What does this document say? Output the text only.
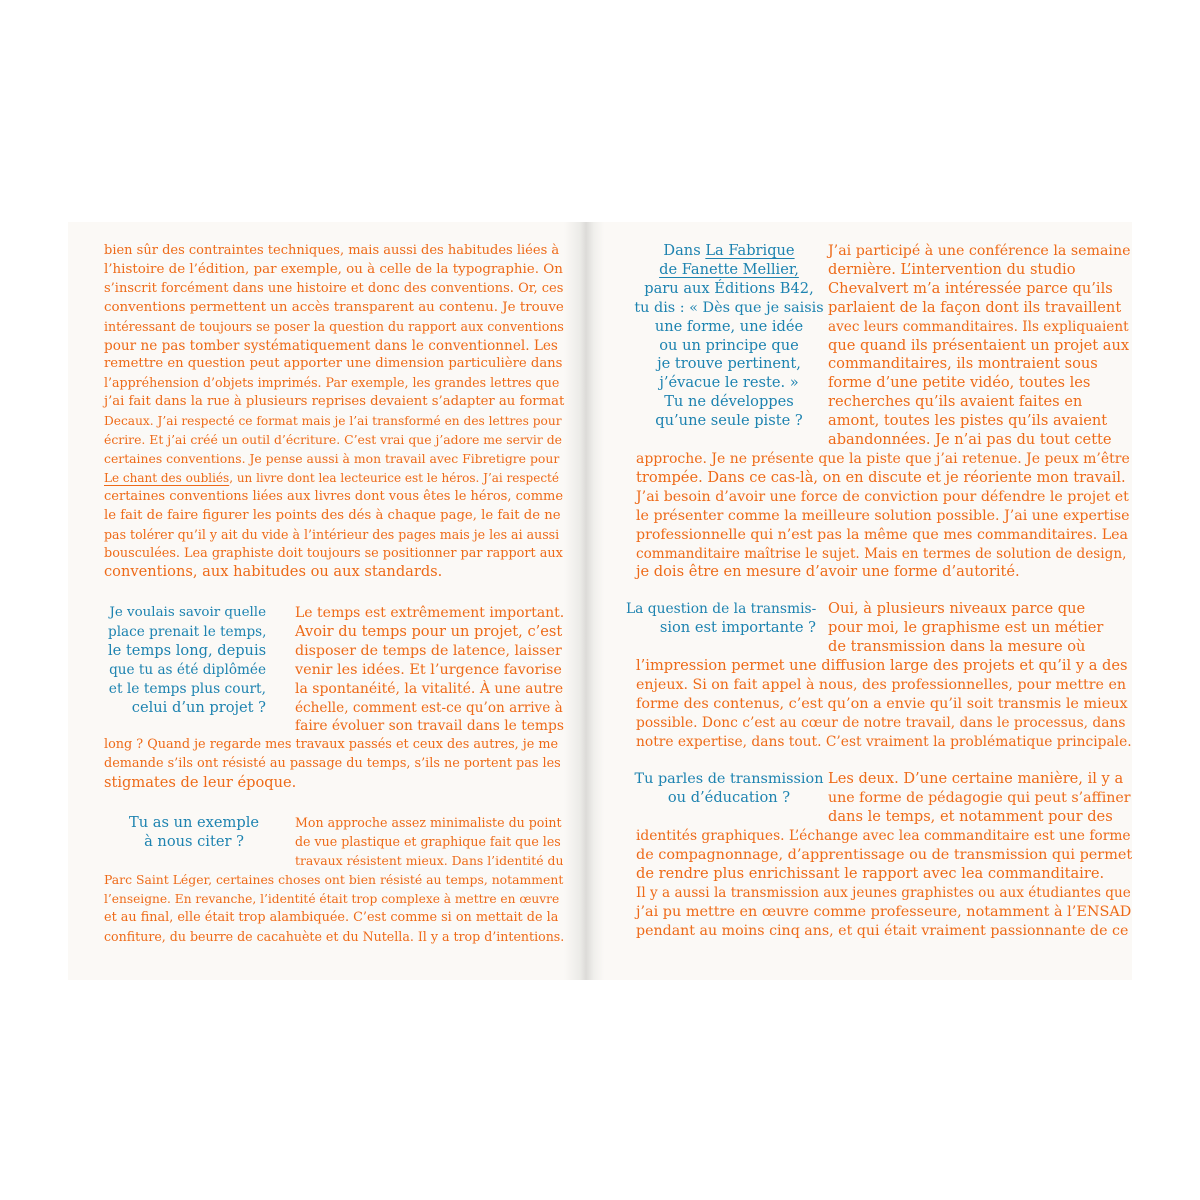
bien sûr des contraintes techniques, mais aussi des habitudes liées à
l’histoire de l’édition, par exemple, ou à celle de la typographie. On
s’inscrit forcément dans une histoire et donc des conventions. Or, ces
conventions permettent un accès transparent au contenu. Je trouve
intéressant de toujours se poser la question du rapport aux conventions
pour ne pas tomber systématiquement dans le conventionnel. Les
remettre en question peut apporter une dimension particulière dans
l’appréhension d’objets imprimés. Par exemple, les grandes lettres que
j’ai fait dans la rue à plusieurs reprises devaient s’adapter au format
Decaux. J’ai respecté ce format mais je l’ai transformé en des lettres pour
écrire. Et j’ai créé un outil d’écriture. C’est vrai que j’adore me servir de
certaines conventions. Je pense aussi à mon travail avec Fibretigre pour
Le chant des oubliés, un livre dont lea lecteurice est le héros. J’ai respecté
certaines conventions liées aux livres dont vous êtes le héros, comme
le fait de faire figurer les points des dés à chaque page, le fait de ne
pas tolérer qu’il y ait du vide à l’intérieur des pages mais je les ai aussi
bousculées. Lea graphiste doit toujours se positionner par rapport aux
conventions, aux habitudes ou aux standards.
Je voulais savoir quelle
place prenait le temps,
le temps long, depuis
que tu as été diplômée
et le temps plus court,
celui d’un projet ?
Le temps est extrêmement important.
Avoir du temps pour un projet, c’est
disposer de temps de latence, laisser
venir les idées. Et l’urgence favorise
la spontanéité, la vitalité. À une autre
échelle, comment est-ce qu’on arrive à
faire évoluer son travail dans le temps
long ? Quand je regarde mes travaux passés et ceux des autres, je me
demande s’ils ont résisté au passage du temps, s’ils ne portent pas les
stigmates de leur époque.
Tu as un exemple
à nous citer ?
Mon approche assez minimaliste du point
de vue plastique et graphique fait que les
travaux résistent mieux. Dans l’identité du
Parc Saint Léger, certaines choses ont bien résisté au temps, notamment
l’enseigne. En revanche, l’identité était trop complexe à mettre en œuvre
et au final, elle était trop alambiquée. C’est comme si on mettait de la
confiture, du beurre de cacahuète et du Nutella. Il y a trop d’intentions.
Dans La Fabrique
de Fanette Mellier,
paru aux Éditions B42,
tu dis : « Dès que je saisis
une forme, une idée
ou un principe que
je trouve pertinent,
j’évacue le reste. »
Tu ne développes
qu’une seule piste ?
J’ai participé à une conférence la semaine
dernière. L’intervention du studio
Chevalvert m’a intéressée parce qu’ils
parlaient de la façon dont ils travaillent
avec leurs commanditaires. Ils expliquaient
que quand ils présentaient un projet aux
commanditaires, ils montraient sous
forme d’une petite vidéo, toutes les
recherches qu’ils avaient faites en
amont, toutes les pistes qu’ils avaient
abandonnées. Je n’ai pas du tout cette
approche. Je ne présente que la piste que j’ai retenue. Je peux m’être
trompée. Dans ce cas-là, on en discute et je réoriente mon travail.
J’ai besoin d’avoir une force de conviction pour défendre le projet et
le présenter comme la meilleure solution possible. J’ai une expertise
professionnelle qui n’est pas la même que mes commanditaires. Lea
commanditaire maîtrise le sujet. Mais en termes de solution de design,
je dois être en mesure d’avoir une forme d’autorité.
La question de la transmis-
sion est importante ?
Oui, à plusieurs niveaux parce que
pour moi, le graphisme est un métier
de transmission dans la mesure où
l’impression permet une diffusion large des projets et qu’il y a des
enjeux. Si on fait appel à nous, des professionnelles, pour mettre en
forme des contenus, c’est qu’on a envie qu’il soit transmis le mieux
possible. Donc c’est au cœur de notre travail, dans le processus, dans
notre expertise, dans tout. C’est vraiment la problématique principale.
Tu parles de transmission
ou d’éducation ?
Les deux. D’une certaine manière, il y a
une forme de pédagogie qui peut s’affiner
dans le temps, et notamment pour des
identités graphiques. L’échange avec lea commanditaire est une forme
de compagnonnage, d’apprentissage ou de transmission qui permet
de rendre plus enrichissant le rapport avec lea commanditaire.
Il y a aussi la transmission aux jeunes graphistes ou aux étudiantes que
j’ai pu mettre en œuvre comme professeure, notamment à l’ENSAD
pendant au moins cinq ans, et qui était vraiment passionnante de ce
